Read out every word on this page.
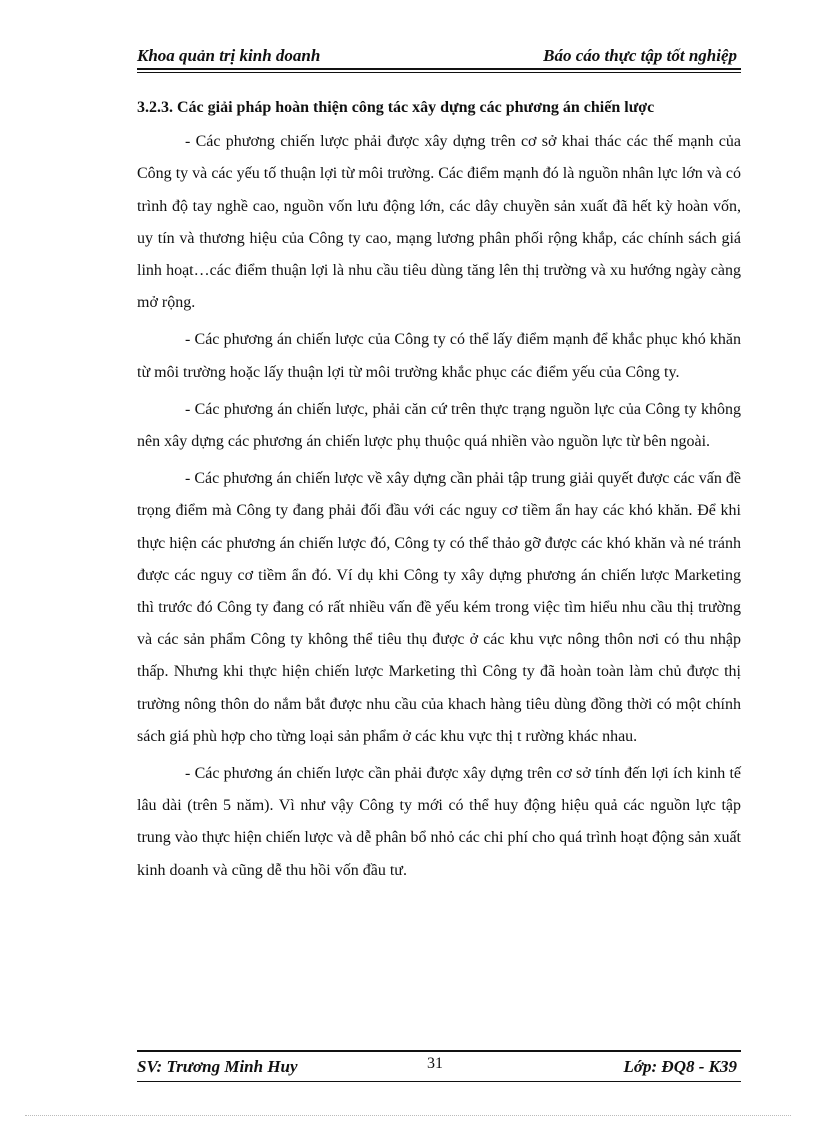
Khoa quản trị kinh doanh	Báo cáo thực tập tốt nghiệp

3.2.3. Các giải pháp hoàn thiện công tác xây dựng các phương án chiến lược

- Các phương chiến lược phải được xây dựng trên cơ sở khai thác các thế mạnh của Công ty và các yếu tố thuận lợi từ môi trường. Các điểm mạnh đó là nguồn nhân lực lớn và có trình độ tay nghề cao, nguồn vốn lưu động lớn, các dây chuyền sản xuất đã hết kỳ hoàn vốn, uy tín và thương hiệu của Công ty cao, mạng lương phân phối rộng khắp, các chính sách giá linh hoạt…các điểm thuận lợi là nhu cầu tiêu dùng tăng lên thị trường và xu hướng ngày càng mở rộng.

- Các phương án chiến lược của Công ty có thể lấy điểm mạnh để khắc phục khó khăn từ môi trường hoặc lấy thuận lợi từ môi trường khắc phục các điểm yếu của Công ty.

- Các phương án chiến lược, phải căn cứ trên thực trạng nguồn lực của Công ty không nên xây dựng các phương án chiến lược phụ thuộc quá nhiền vào nguồn lực từ bên ngoài.

- Các phương án chiến lược về xây dựng cần phải tập trung giải quyết được các vấn đề trọng điểm mà Công ty đang phải đối đầu với các nguy cơ tiềm ẩn hay các khó khăn. Để khi thực hiện các phương án chiến lược đó, Công ty có thể thảo gỡ được các khó khăn và né tránh được các nguy cơ tiềm ẩn đó. Ví dụ khi Công ty xây dựng phương án chiến lược Marketing thì trước đó Công ty đang có rất nhiều vấn đề yếu kém trong việc tìm hiểu nhu cầu thị trường và các sản phẩm Công ty không thể tiêu thụ được ở các khu vực nông thôn nơi có thu nhập thấp. Nhưng khi thực hiện chiến lược Marketing thì Công ty đã hoàn toàn làm chủ được thị trường nông thôn do nắm bắt được nhu cầu của khach hàng tiêu dùng đồng thời có một chính sách giá phù hợp cho từng loại sản phẩm ở các khu vực thị t rường khác nhau.

- Các phương án chiến lược cần phải được xây dựng trên cơ sở tính đến lợi ích kinh tế lâu dài (trên 5 năm). Vì như vậy Công ty mới có thể huy động hiệu quả các nguồn lực tập trung vào thực hiện chiến lược và dễ phân bổ nhỏ các chi phí cho quá trình hoạt động sản xuất kinh doanh và cũng dễ thu hồi vốn đầu tư.

SV: Trương Minh Huy	31	Lớp: ĐQ8 - K39
